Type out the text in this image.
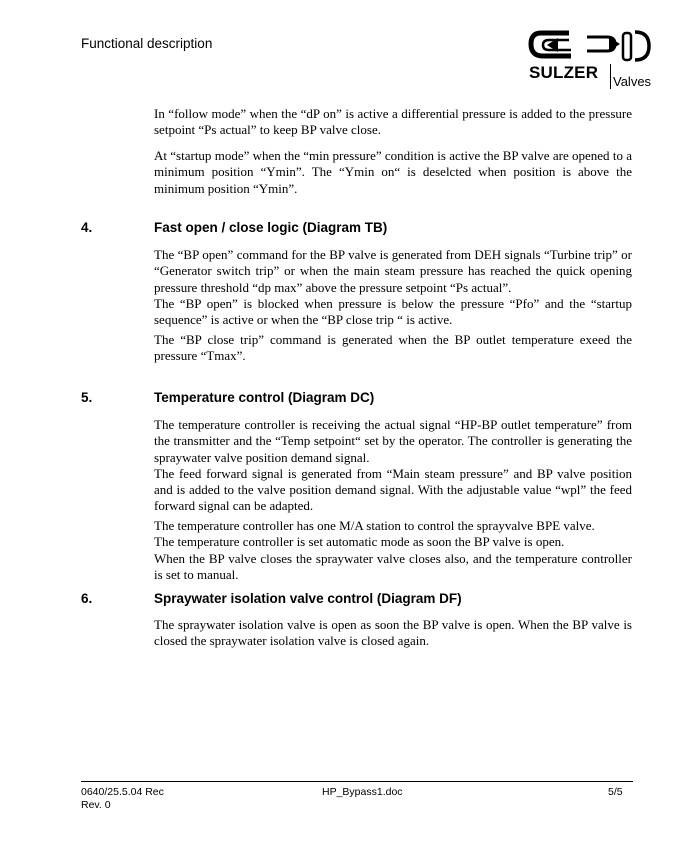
Functional description
SULZER Valves

In “follow mode” when the “dP on” is active a differential pressure is added to the pressure setpoint “Ps actual” to keep BP valve close.

At “startup mode” when the “min pressure” condition is active the BP valve are opened to a minimum position “Ymin”. The “Ymin on“ is deselcted when position is above the minimum position “Ymin”.

4.	Fast open / close logic (Diagram TB)

The “BP open” command for the BP valve is generated from DEH signals “Turbine trip” or “Generator switch trip” or when the main steam pressure has reached the quick opening pressure threshold “dp max” above the pressure setpoint “Ps actual”.

The “BP open” is blocked when pressure is below the pressure “Pfo” and the “startup sequence” is active or when the “BP close trip “ is active.

The “BP close trip” command is generated when the BP outlet temperature exeed the pressure “Tmax”.

5.	Temperature control (Diagram DC)

The temperature controller is receiving the actual signal “HP-BP outlet temperature” from the transmitter and the “Temp setpoint“ set by the operator. The controller is generating the spraywater valve position demand signal.

The feed forward signal is generated from “Main steam pressure” and BP valve position and is added to the valve position demand signal. With the adjustable value “wpl” the feed forward signal can be adapted.

The temperature controller has one M/A station to control the sprayvalve BPE valve.

The temperature controller is set automatic mode as soon the BP valve is open.

When the BP valve closes the spraywater valve closes also, and the temperature controller is set to manual.

6.	Spraywater isolation valve control (Diagram DF)

The spraywater isolation valve is open as soon the BP valve is open. When the BP valve is closed the spraywater isolation valve is closed again.

0640/25.5.04 Rec
Rev. 0
HP_Bypass1.doc	5/5
